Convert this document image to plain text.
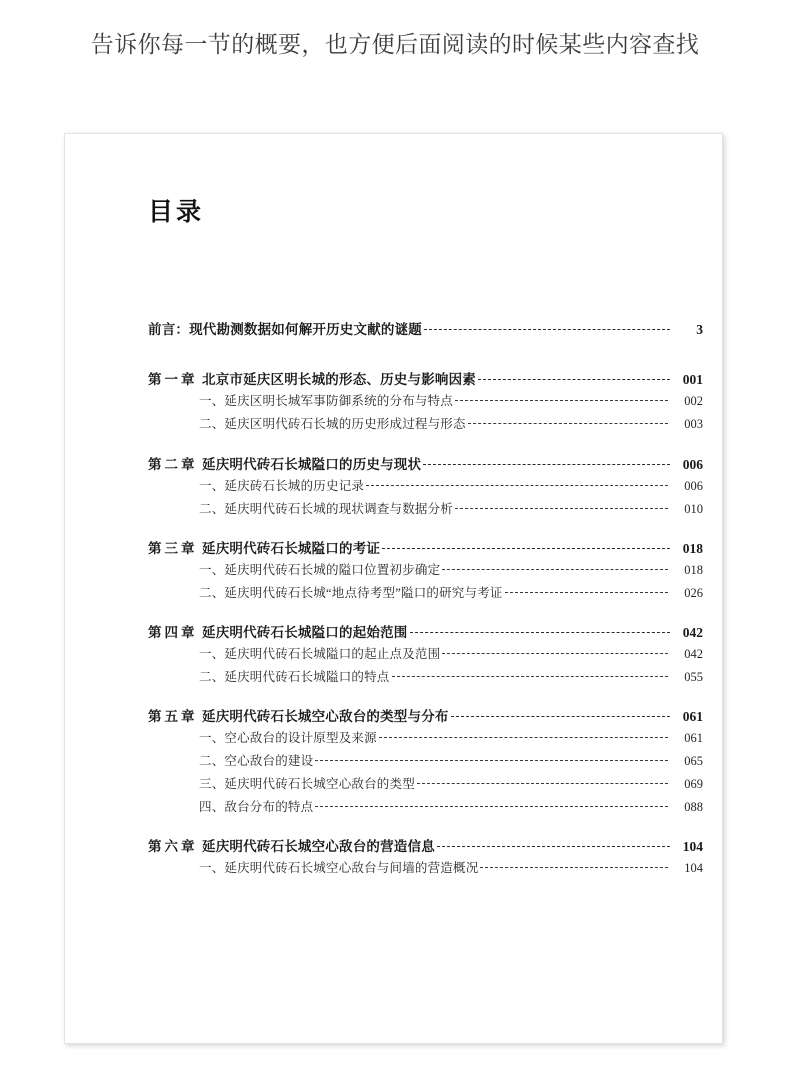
告诉你每一节的概要，也方便后面阅读的时候某些内容查找
目录
前言：现代勘测数据如何解开历史文献的谜题	3
第一章 北京市延庆区明长城的形态、历史与影响因素	001
一、延庆区明长城军事防御系统的分布与特点	002
二、延庆区明代砖石长城的历史形成过程与形态	003
第二章 延庆明代砖石长城隘口的历史与现状	006
一、延庆砖石长城的历史记录	006
二、延庆明代砖石长城的现状调查与数据分析	010
第三章 延庆明代砖石长城隘口的考证	018
一、延庆明代砖石长城的隘口位置初步确定	018
二、延庆明代砖石长城“地点待考型”隘口的研究与考证	026
第四章 延庆明代砖石长城隘口的起始范围	042
一、延庆明代砖石长城隘口的起止点及范围	042
二、延庆明代砖石长城隘口的特点	055
第五章 延庆明代砖石长城空心敌台的类型与分布	061
一、空心敌台的设计原型及来源	061
二、空心敌台的建设	065
三、延庆明代砖石长城空心敌台的类型	069
四、敌台分布的特点	088
第六章 延庆明代砖石长城空心敌台的营造信息	104
一、延庆明代砖石长城空心敌台与间墙的营造概况	104
